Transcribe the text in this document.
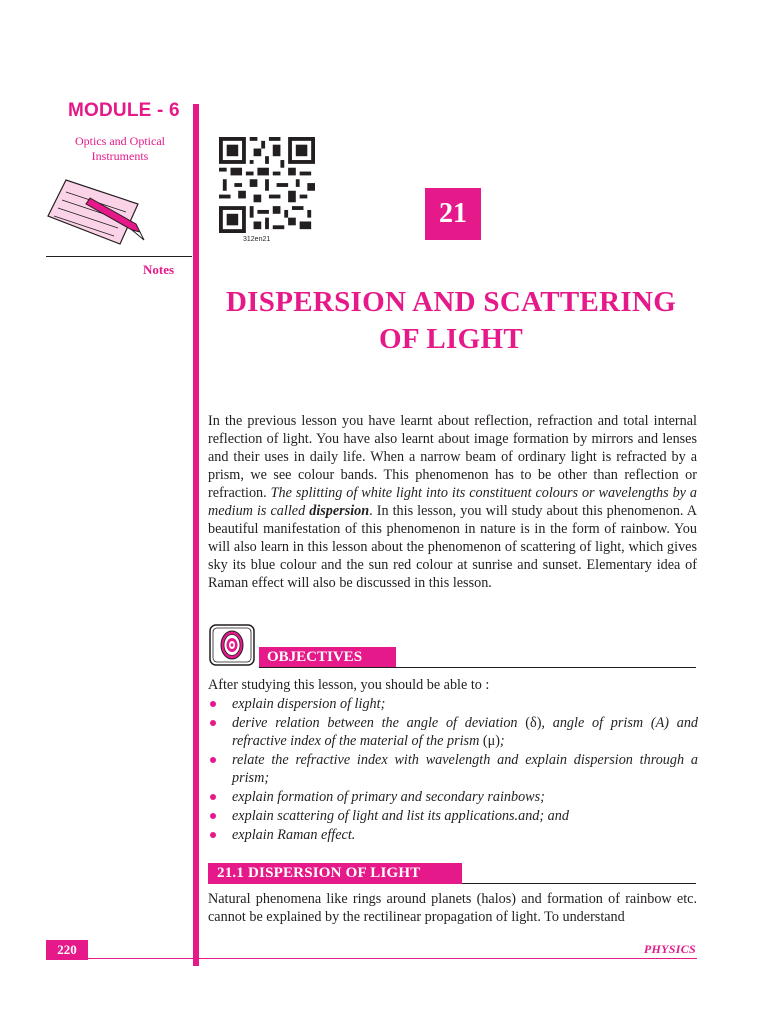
MODULE - 6
Optics and Optical
Instruments
Notes
312en21
21
DISPERSION AND SCATTERING
OF LIGHT

In the previous lesson you have learnt about reflection, refraction and total internal reflection of light. You have also learnt about image formation by mirrors and lenses and their uses in daily life. When a narrow beam of ordinary light is refracted by a prism, we see colour bands. This phenomenon has to be other than reflection or refraction. The splitting of white light into its constituent colours or wavelengths by a medium is called dispersion. In this lesson, you will study about this phenomenon. A beautiful manifestation of this phenomenon in nature is in the form of rainbow. You will also learn in this lesson about the phenomenon of scattering of light, which gives sky its blue colour and the sun red colour at sunrise and sunset. Elementary idea of Raman effect will also be discussed in this lesson.

OBJECTIVES
After studying this lesson, you should be able to :
explain dispersion of light;
derive relation between the angle of deviation (δ), angle of prism (A) and refractive index of the material of the prism (μ);
relate the refractive index with wavelength and explain dispersion through a prism;
explain formation of primary and secondary rainbows;
explain scattering of light and list its applications.and; and
explain Raman effect.
21.1 DISPERSION OF LIGHT

Natural phenomena like rings around planets (halos) and formation of rainbow etc. cannot be explained by the rectilinear propagation of light. To understand

220	PHYSICS
